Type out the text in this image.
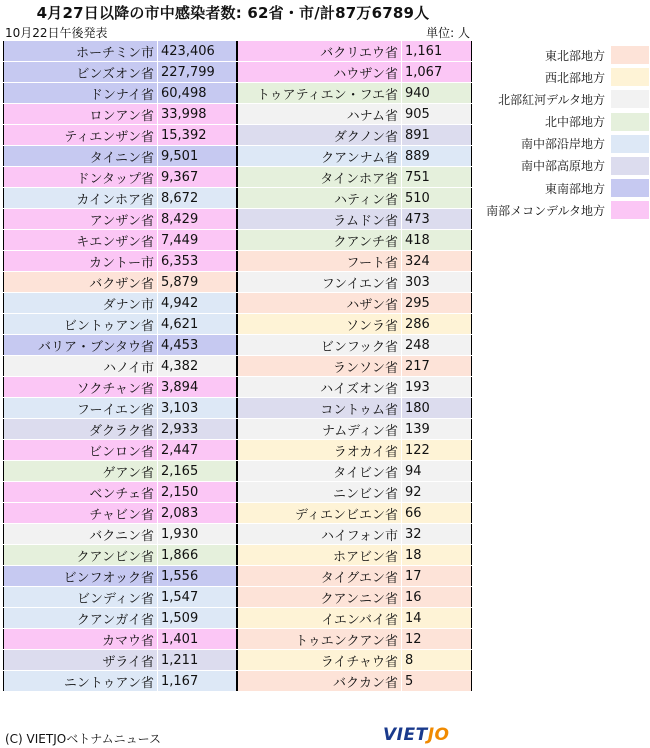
4月27日以降の市中感染者数: 62省・市/計87万6789人
10月22日午後発表	単位: 人
ホーチミン市	423,406
ビンズオン省	227,799
ドンナイ省	60,498
ロンアン省	33,998
ティエンザン省	15,392
タイニン省	9,501
ドンタップ省	9,367
カインホア省	8,672
アンザン省	8,429
キエンザン省	7,449
カントー市	6,353
バクザン省	5,879
ダナン市	4,942
ビントゥアン省	4,621
バリア・ブンタウ省	4,453
ハノイ市	4,382
ソクチャン省	3,894
フーイエン省	3,103
ダクラク省	2,933
ビンロン省	2,447
ゲアン省	2,165
ベンチェ省	2,150
チャビン省	2,083
バクニン省	1,930
クアンビン省	1,866
ビンフオック省	1,556
ビンディン省	1,547
クアンガイ省	1,509
カマウ省	1,401
ザライ省	1,211
ニントゥアン省	1,167
バクリエウ省	1,161
ハウザン省	1,067
トゥアティエン・フエ省	940
ハナム省	905
ダクノン省	891
クアンナム省	889
タインホア省	751
ハティン省	510
ラムドン省	473
クアンチ省	418
フート省	324
フンイエン省	303
ハザン省	295
ソンラ省	286
ビンフック省	248
ランソン省	217
ハイズオン省	193
コントゥム省	180
ナムディン省	139
ラオカイ省	122
タイビン省	94
ニンビン省	92
ディエンビエン省	66
ハイフォン市	32
ホアビン省	18
タイグエン省	17
クアンニン省	16
イエンバイ省	14
トゥエンクアン省	12
ライチャウ省	8
バクカン省	5
東北部地方
西北部地方
北部紅河デルタ地方
北中部地方
南中部沿岸地方
南中部高原地方
東南部地方
南部メコンデルタ地方
(C) VIETJOベトナムニュース	VIETJO
